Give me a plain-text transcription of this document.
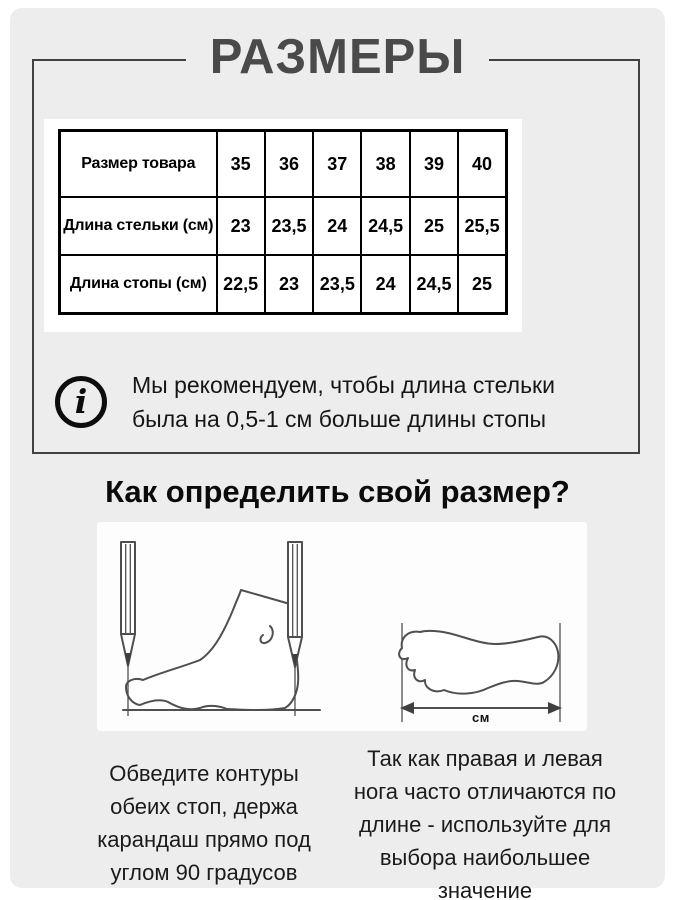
РАЗМЕРЫ
Размер товара	35	36	37	38	39	40
Длина стельки (см)	23	23,5	24	24,5	25	25,5
Длина стопы (см)	22,5	23	23,5	24	24,5	25
i Мы рекомендуем, чтобы длина стельки
была на 0,5-1 см больше длины стопы
Как определить свой размер?
см
Обведите контуры
обеих стоп, держа
карандаш прямо под
углом 90 градусов
Так как правая и левая
нога часто отличаются по
длине - используйте для
выбора наибольшее
значение
